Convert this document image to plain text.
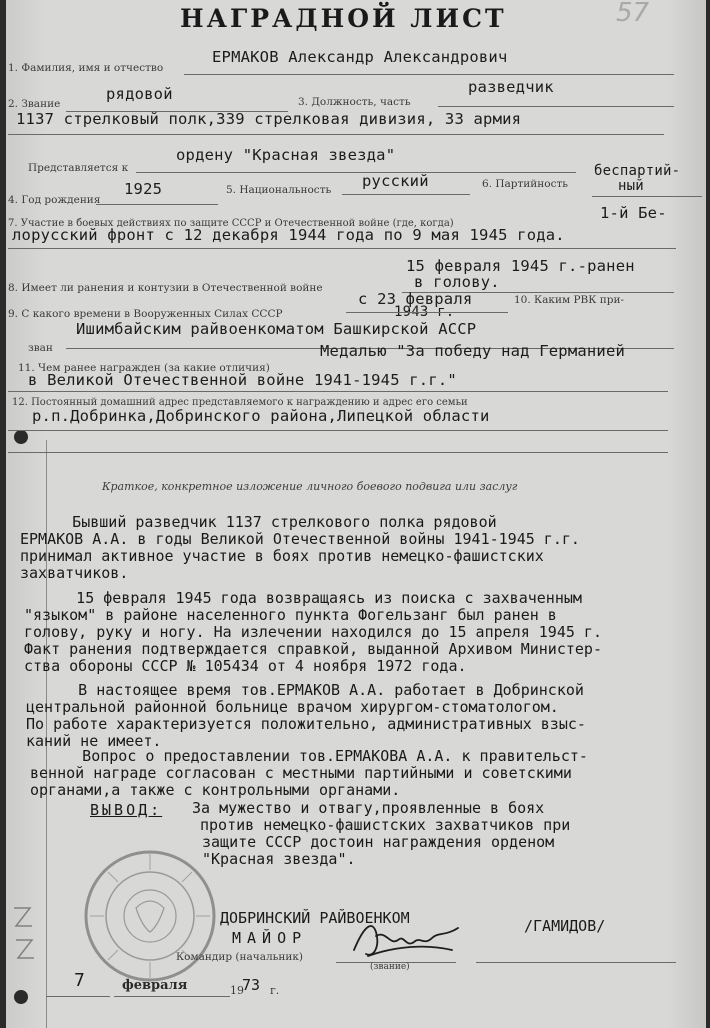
НАГРАДНОЙ ЛИСТ	57
1. Фамилия, имя и отчество
ЕРМАКОВ Александр Александрович
2. Звание
рядовой	3. Должность, часть
разведчик
1137 стрелковый полк,339 стрелковая дивизия, 33 армия
Представляется к
ордену "Красная звезда"
4. Год рождения
1925	5. Национальность русский	6. Партийность
беспартий-
ный
7. Участие в боевых действиях по защите СССР и Отечественной войне (где, когда)
1-й Бе-
лорусский фронт с 12 декабря 1944 года по 9 мая 1945 года.
8. Имеет ли ранения и контузии в Отечественной войне
15 февраля 1945 г.-ранен
в голову.
9. С какого времени в Вооруженных Силах СССР
с 23 февраля
1943 г.
10. Каким РВК при-
зван
Ишимбайским райвоенкоматом Башкирской АССР
11. Чем ранее награжден (за какие отличия)
Медалью "За победу над Германией
в Великой Отечественной войне 1941-1945 г.г."
12. Постоянный домашний адрес представляемого к награждению и адрес его семьи
р.п.Добринка,Добринского района,Липецкой области
Краткое, конкретное изложение личного боевого подвига или заслуг
Бывший разведчик 1137 стрелкового полка рядовой
ЕРМАКОВ А.А. в годы Великой Отечественной войны 1941-1945 г.г.
принимал активное участие в боях против немецко-фашистских
захватчиков.
15 февраля 1945 года возвращаясь из поиска с захваченным
"языком" в районе населенного пункта Фогельзанг был ранен в
голову, руку и ногу. На излечении находился до 15 апреля 1945 г.
Факт ранения подтверждается справкой, выданной Архивом Министер-
ства обороны СССР № 105434 от 4 ноября 1972 года.
В настоящее время тов.ЕРМАКОВ А.А. работает в Добринской
центральной районной больнице врачом хирургом-стоматологом.
По работе характеризуется положительно, административных взыс-
каний не имеет.
Вопрос о предоставлении тов.ЕРМАКОВА А.А. к правительст-
венной награде согласован с местными партийными и советскими
органами,а также с контрольными органами.
ВЫВОД: За мужество и отвагу,проявленные в боях
против немецко-фашистских захватчиков при
защите СССР достоин награждения орденом
"Красная звезда".
ДОБРИНСКИЙ РАЙВОЕНКОМ
МАЙОР
/ГАМИДОВ/
Командир (начальник)
(звание)
7	февраля	19
73 г.
